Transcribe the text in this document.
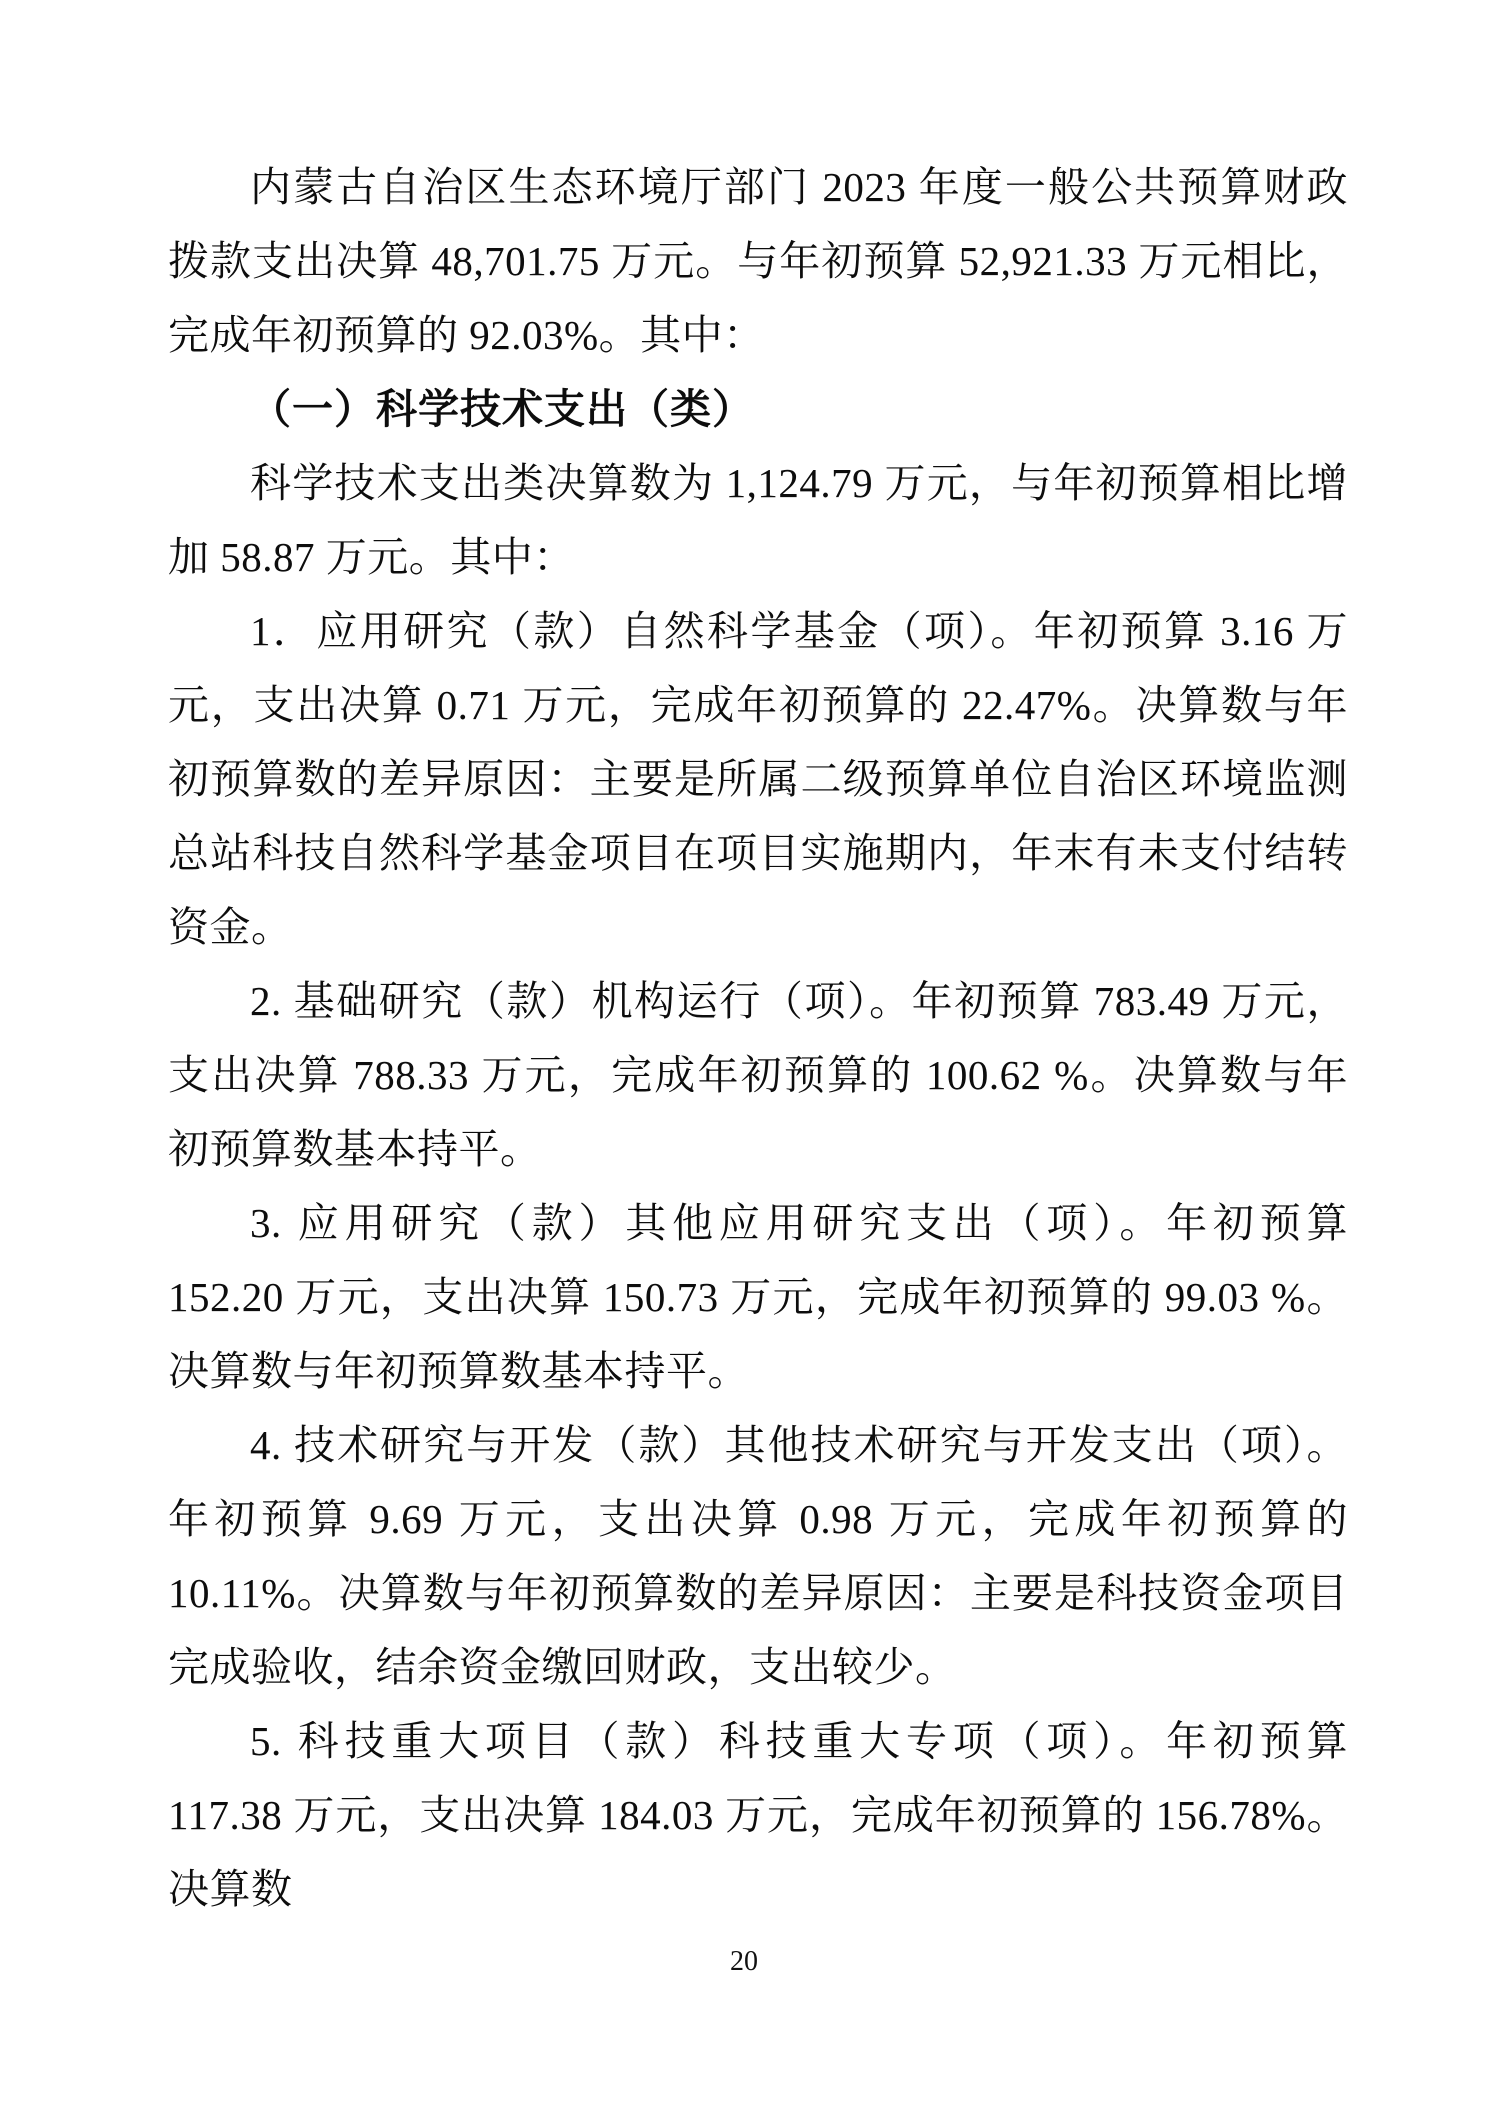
内蒙古自治区生态环境厅部门 2023 年度一般公共预算财政拨款支出决算 48,701.75 万元。与年初预算 52,921.33 万元相比，完成年初预算的 92.03%。其中：

（一）科学技术支出（类）

科学技术支出类决算数为 1,124.79 万元，与年初预算相比增加 58.87 万元。其中：

1．应用研究（款）自然科学基金（项）。年初预算 3.16 万元，支出决算 0.71 万元，完成年初预算的 22.47%。决算数与年初预算数的差异原因：主要是所属二级预算单位自治区环境监测总站科技自然科学基金项目在项目实施期内，年末有未支付结转资金。

2. 基础研究（款）机构运行（项）。年初预算 783.49 万元，支出决算 788.33 万元，完成年初预算的 100.62 %。决算数与年初预算数基本持平。

3. 应用研究（款）其他应用研究支出（项）。年初预算 152.20 万元，支出决算 150.73 万元，完成年初预算的 99.03 %。决算数与年初预算数基本持平。

4. 技术研究与开发（款）其他技术研究与开发支出（项）。年初预算 9.69 万元，支出决算 0.98 万元，完成年初预算的 10.11%。决算数与年初预算数的差异原因：主要是科技资金项目完成验收，结余资金缴回财政，支出较少。

5. 科技重大项目（款）科技重大专项（项）。年初预算 117.38 万元，支出决算 184.03 万元，完成年初预算的 156.78%。决算数

20
